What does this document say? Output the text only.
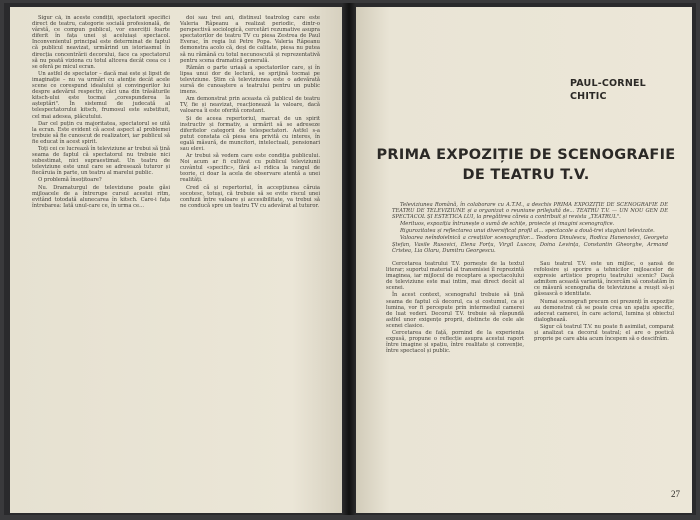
Sigur că, în aceste condiții, spectatorii specifici direct de teatru, categorie socială profesională, de vârstă, ce compun publicul, vor exerciții foarte diferit în fața unei și aceluiași spectacol. Inconvenientul principal este determinat de faptul că publicul neavizat, urmărind un istoriasmul în direcția concentrării decorului, face ca spectatorul să nu poată viziona cu totul altceva decât ceea ce i se oferă pe micul ecran.

Un astfel de spectator – dacă mai este și lipsit de imaginație – nu va urmări cu atenție decât acele scene ce corespund idealului și convingerilor lui despre adevărul respectiv, căci una din trăsăturile kitsch-ului este tocmai „corespunderea la așteptări". În sistemul de judecată al telespectatorului kitsch, frumosul este substituit, cel mai adesea, plăcutului.

Dar cel puțin cu majoritatea, spectatorul se uită la ecran. Este evident că acest aspect al problemei trebuie să fie cunoscut de realizatori, iar publicul să fie educat în acest spirit.

Toți cei ce lucrează în televiziune ar trebui să țină seama de faptul că spectatorul nu trebuie nici subestimat, nici supraestimat. Un teatru de televiziune este unul care se adresează tuturor și fiecăruia în parte, un teatru al marelui public.

O problemă însoțitoare?

Nu. Dramaturgul de televiziune poate găsi mijloacele de a întrerupe cursul acestui ritm, evitând totodată alunecarea în kitsch. Care-i fața întrebarea: Iată unul-care ce, în urma ce...

doi sau trei ani, distinsul teatrolog care este Valeria Râpeanu a realizat periodic, dintr-o perspectivă sociologică, cercetări rezumative asupra spectatorilor de teatru TV cu piesa Zestrea de Paul Everac, în regia lui Petre Popa. Valeria Râpeanu demonstra acolo că, deși de calitate, piesa nu putea să nu rămână cu totul necunoscută și reprezentativă pentru scena dramatică generală.

Rămân o parte uriașă a spectatorilor care, și în lipsa unui dor de lectură, se sprijină tocmai pe televiziune. Știm că televiziunea este o adevărată sursă de cunoaștere a teatrului pentru un public imens.

Am demonstrat prin aceasta că publicul de teatru TV, fie și neavizat, reacționează la valoare, dacă valoarea îi este oferită constant.

Și de aceea repertoriul, marcat de un spirit instructiv și formativ, a urmărit să se adreseze diferitelor categorii de telespectatori. Astfel s-a putut constata că piesa era privită cu interes, în egală măsură, de muncitori, intelectuali, pensionari sau elevi.

Ar trebui să vedem care este condiția publicului. Noi acum ar fi cultivat cu publicul televiziunii cuvântul «specific», fără a-l ridica la rangul de teorie, ci doar la acela de observare atentă a unei realități.

Cred că și repertoriul, în accepțiunea căruia socotesc, totuși, că trebuie să se evite riscul unei confuzii între valoare și accesibilitate, va trebui să ne conducă spre un teatru TV cu adevărat al tuturor.

PAUL-CORNEL
CHITIC
PRIMA EXPOZIȚIE DE SCENOGRAFIE
DE TEATRU T.V.

Televiziunea Română, în colaborare cu A.T.M., a deschis PRIMA EXPOZIȚIE DE SCENOGRAFIE DE TEATRU DE TELEVIZIUNE și a organizat o reuniune prilejuită de... TEATRU T.V. — UN NOU GEN DE SPECTACOL ȘI ESTETICA LUI, la pregătirea căreia a contribuit și revista „TEATRUL".

Merituos, expoziția întrunește o sumă de schițe, proiecte și imagini scenografice.

Rigurozitatea și reflectarea unui diversificat profil al... spectacole a două-trei stagiuni televizate.

Valoarea neîndoielnică a creațiilor scenografilor... Teodora Dinulescu, Rodica Hanenovici, Georgeta Ștefan, Vasile Rusovici, Elena Forțu, Virgil Luscov, Doina Levința, Constantin Gheorghe, Armand Cristea, Lia Olaru, Dumitru Georgescu.

Cercetarea teatrului T.V. pornește de la textul literar; suportul material al transmisiei îl reprezintă imaginea, iar mijlocul de receptare a spectacolului de televiziune este mai intim, mai direct decât al scenei.

În acest context, scenograful trebuie să țină seama de faptul că decorul, ca și costumul, ca și lumina, vor fi percepute prin intermediul camerei de luat vederi. Decorul T.V. trebuie să răspundă astfel unor exigențe proprii, distincte de cele ale scenei clasice.

Cercetarea de față, pornind de la experiența expusă, propune o reflecție asupra acestui raport între imagine și spațiu, între realitate și convenție, între spectacol și public.

Sau teatrul T.V. este un mijloc, o șansă de refolosire și sporire a tehnicilor mijloacelor de expresie artistice propriu teatrului scenic? Dacă admitem această variantă, încercăm să constatăm în ce măsură scenografia de televiziune a reușit să-și găsească o identitate.

Numai scenografi precum cei prezenți în expoziție au demonstrat că se poate crea un spațiu specific, adecvat camerei, în care actorul, lumina și obiectul dialoghează.

Sigur că teatrul T.V. nu poate fi asimilat, comparat și analizat ca decorul teatral; el are o poetică proprie pe care abia acum începem să o descifrăm.

27
